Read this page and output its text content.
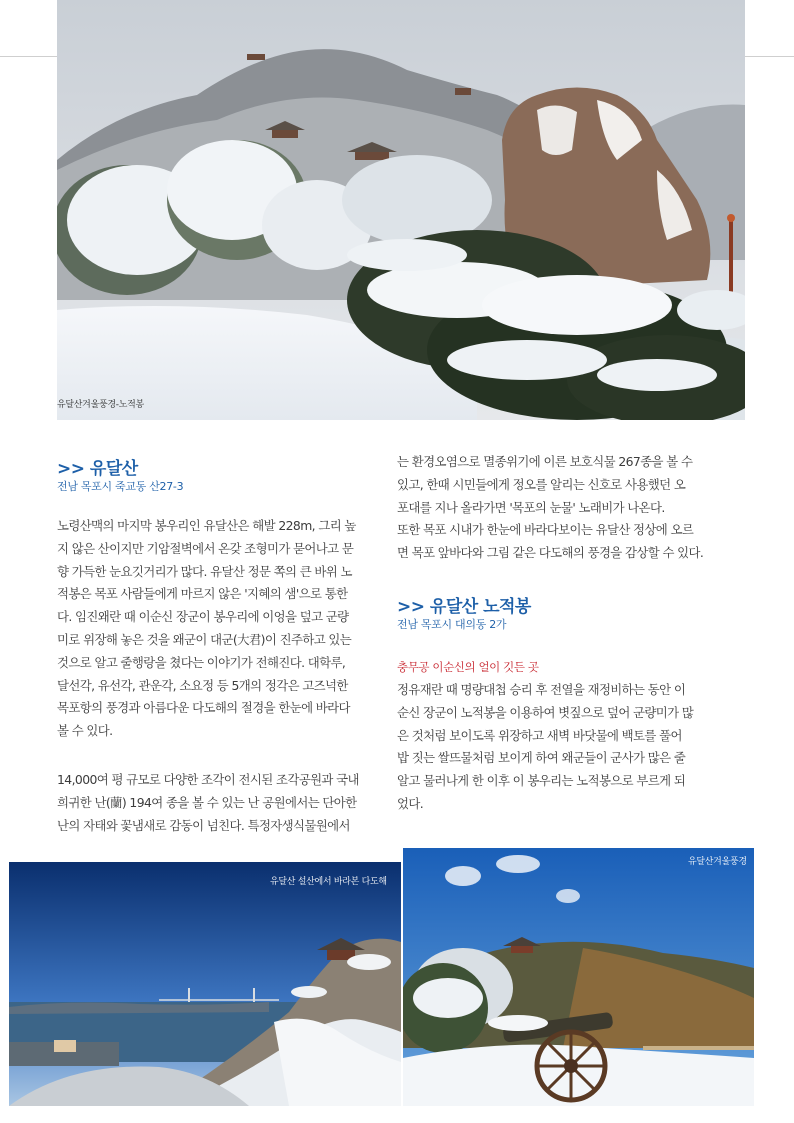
유달산겨울풍경-노적봉
>> 유달산
전남 목포시 죽교동 산27-3
노령산맥의 마지막 봉우리인 유달산은 해발 228m, 그리 높
지 않은 산이지만 기암절벽에서 온갖 조형미가 묻어나고 문
향 가득한 눈요깃거리가 많다. 유달산 정문 쪽의 큰 바위 노
적봉은 목포 사람들에게 마르지 않은 '지혜의 샘'으로 통한
다. 임진왜란 때 이순신 장군이 봉우리에 이엉을 덮고 군량
미로 위장해 놓은 것을 왜군이 대군(大君)이 진주하고 있는
것으로 알고 줄행랑을 쳤다는 이야기가 전해진다. 대학루,
달선각, 유선각, 관운각, 소요정 등 5개의 정각은 고즈넉한
목포항의 풍경과 아름다운 다도해의 절경을 한눈에 바라다
볼 수 있다.
14,000여 평 규모로 다양한 조각이 전시된 조각공원과 국내
희귀한 난(蘭) 194여 종을 볼 수 있는 난 공원에서는 단아한
난의 자태와 꽃냄새로 감동이 넘친다. 특정자생식물원에서
는 환경오염으로 멸종위기에 이른 보호식물 267종을 볼 수
있고, 한때 시민들에게 정오를 알리는 신호로 사용했던 오
포대를 지나 올라가면 '목포의 눈물' 노래비가 나온다.
또한 목포 시내가 한눈에 바라다보이는 유달산 정상에 오르
면 목포 앞바다와 그림 같은 다도해의 풍경을 감상할 수 있다.
>> 유달산 노적봉
전남 목포시 대의동 2가
충무공 이순신의 얼이 깃든 곳
정유재란 때 명량대첩 승리 후 전열을 재정비하는 동안 이
순신 장군이 노적봉을 이용하여 볏짚으로 덮어 군량미가 많
은 것처럼 보이도록 위장하고 새벽 바닷물에 백토를 풀어
밥 짓는 쌀뜨물처럼 보이게 하여 왜군들이 군사가 많은 줄
알고 물러나게 한 이후 이 봉우리는 노적봉으로 부르게 되
었다.
유달산 설산에서 바라본 다도해
유달산겨울풍경
